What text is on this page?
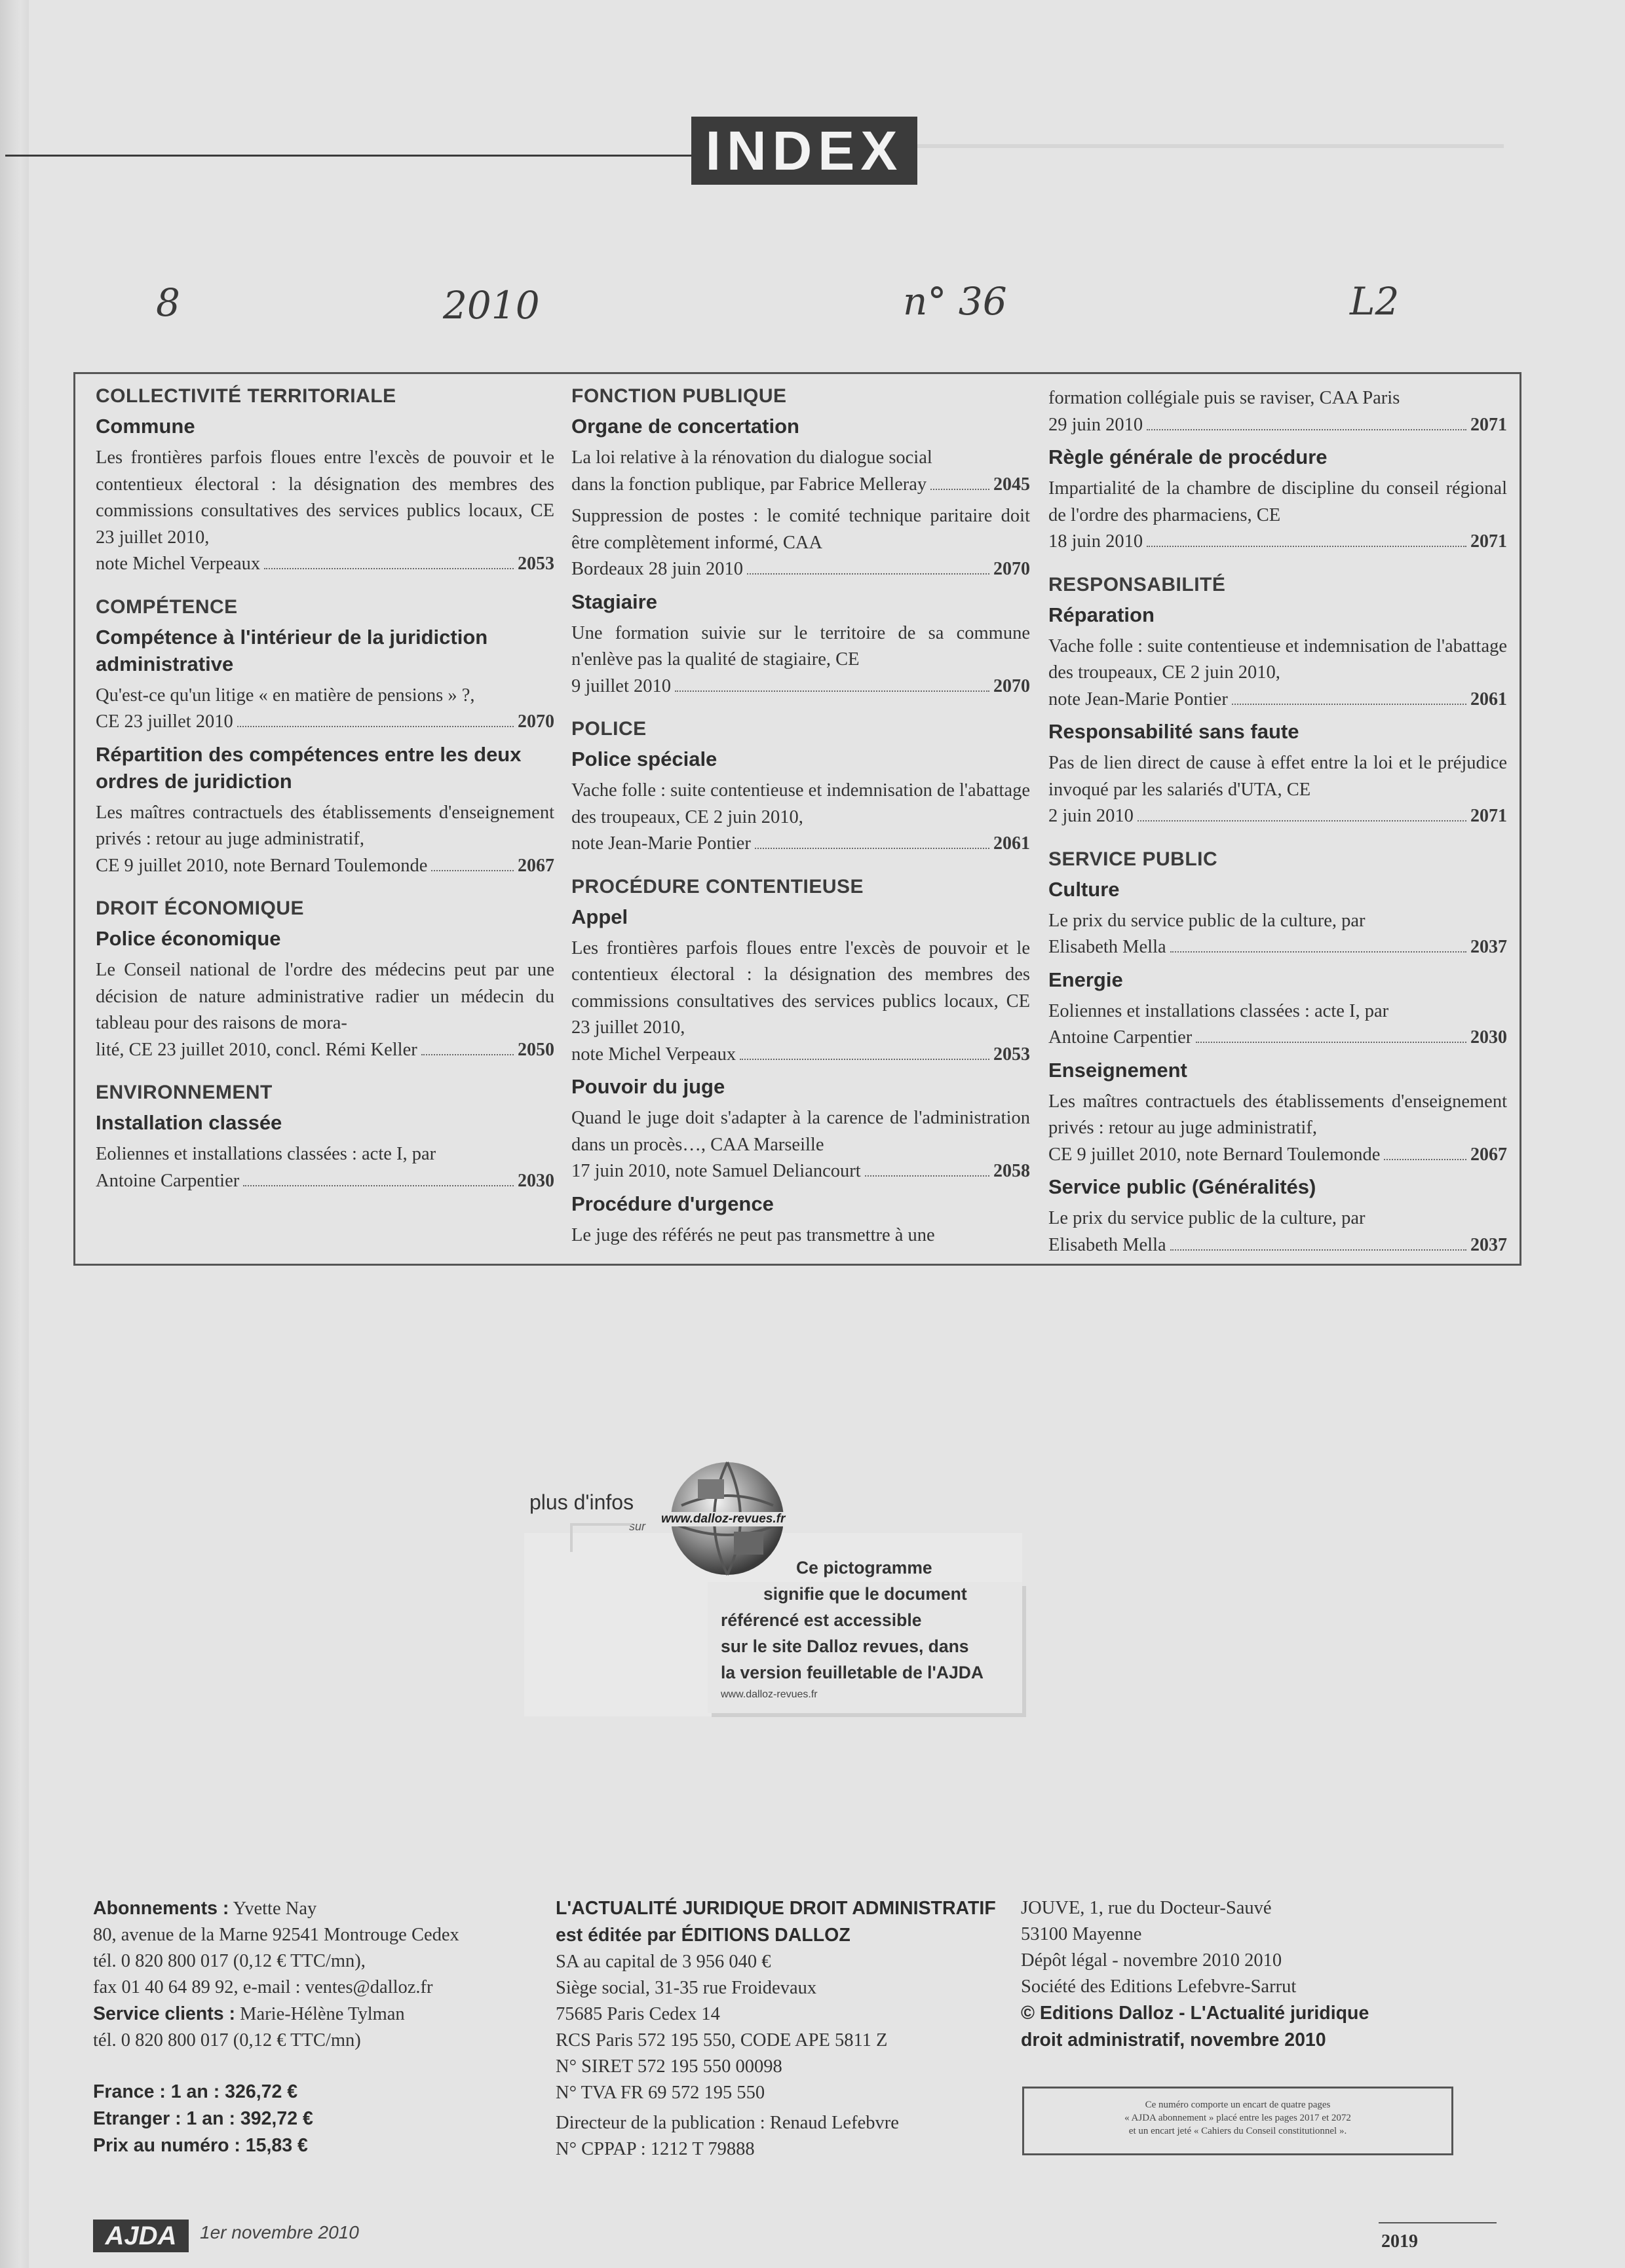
INDEX
8	2010	n° 36	L2
COLLECTIVITÉ TERRITORIALE
Commune
Les frontières parfois floues entre l'excès de pouvoir et le contentieux électoral : la désignation des membres des commissions consultatives des services publics locaux, CE 23 juillet 2010,
note Michel Verpeaux	2053
COMPÉTENCE
Compétence à l'intérieur de la juridiction administrative
Qu'est-ce qu'un litige « en matière de pensions » ?,
CE 23 juillet 2010	2070
Répartition des compétences entre les deux ordres de juridiction
Les maîtres contractuels des établissements d'enseignement privés : retour au juge administratif,
CE 9 juillet 2010, note Bernard Toulemonde	2067
DROIT ÉCONOMIQUE
Police économique
Le Conseil national de l'ordre des médecins peut par une décision de nature administrative radier un médecin du tableau pour des raisons de mora-
lité, CE 23 juillet 2010, concl. Rémi Keller	2050
ENVIRONNEMENT
Installation classée
Eoliennes et installations classées : acte I, par
Antoine Carpentier	2030
FONCTION PUBLIQUE
Organe de concertation
La loi relative à la rénovation du dialogue social
dans la fonction publique, par Fabrice Melleray	2045
Suppression de postes : le comité technique paritaire doit être complètement informé, CAA
Bordeaux 28 juin 2010	2070
Stagiaire
Une formation suivie sur le territoire de sa commune n'enlève pas la qualité de stagiaire, CE
9 juillet 2010	2070
POLICE
Police spéciale
Vache folle : suite contentieuse et indemnisation de l'abattage des troupeaux, CE 2 juin 2010,
note Jean-Marie Pontier	2061
PROCÉDURE CONTENTIEUSE
Appel
Les frontières parfois floues entre l'excès de pouvoir et le contentieux électoral : la désignation des membres des commissions consultatives des services publics locaux, CE 23 juillet 2010,
note Michel Verpeaux	2053
Pouvoir du juge
Quand le juge doit s'adapter à la carence de l'administration dans un procès…, CAA Marseille
17 juin 2010, note Samuel Deliancourt	2058
Procédure d'urgence
Le juge des référés ne peut pas transmettre à une
formation collégiale puis se raviser, CAA Paris
29 juin 2010	2071
Règle générale de procédure
Impartialité de la chambre de discipline du conseil régional de l'ordre des pharmaciens, CE
18 juin 2010	2071
RESPONSABILITÉ
Réparation
Vache folle : suite contentieuse et indemnisation de l'abattage des troupeaux, CE 2 juin 2010,
note Jean-Marie Pontier	2061
Responsabilité sans faute
Pas de lien direct de cause à effet entre la loi et le préjudice invoqué par les salariés d'UTA, CE
2 juin 2010	2071
SERVICE PUBLIC
Culture
Le prix du service public de la culture, par
Elisabeth Mella	2037
Energie
Eoliennes et installations classées : acte I, par
Antoine Carpentier	2030
Enseignement
Les maîtres contractuels des établissements d'enseignement privés : retour au juge administratif,
CE 9 juillet 2010, note Bernard Toulemonde	2067
Service public (Généralités)
Le prix du service public de la culture, par
Elisabeth Mella	2037
plus d'infos
sur
www.dalloz-revues.fr
Ce pictogramme
signifie que le document
référencé est accessible
sur le site Dalloz revues, dans
la version feuilletable de l'AJDA
www.dalloz-revues.fr
Abonnements : Yvette Nay
80, avenue de la Marne 92541 Montrouge Cedex
tél. 0 820 800 017 (0,12 € TTC/mn),
fax 01 40 64 89 92, e-mail : ventes@dalloz.fr
Service clients : Marie-Hélène Tylman
tél. 0 820 800 017 (0,12 € TTC/mn)
France : 1 an : 326,72 €
Etranger : 1 an : 392,72 €
Prix au numéro : 15,83 €
L'ACTUALITÉ JURIDIQUE DROIT ADMINISTRATIF
est éditée par ÉDITIONS DALLOZ
SA au capital de 3 956 040 €
Siège social, 31-35 rue Froidevaux
75685 Paris Cedex 14
RCS Paris 572 195 550, CODE APE 5811 Z
N° SIRET 572 195 550 00098
N° TVA FR 69 572 195 550
Directeur de la publication : Renaud Lefebvre
N° CPPAP : 1212 T 79888
JOUVE, 1, rue du Docteur-Sauvé
53100 Mayenne
Dépôt légal - novembre 2010 2010
Société des Editions Lefebvre-Sarrut
© Editions Dalloz - L'Actualité juridique
droit administratif, novembre 2010
Ce numéro comporte un encart de quatre pages
« AJDA abonnement » placé entre les pages 2017 et 2072
et un encart jeté « Cahiers du Conseil constitutionnel ».
AJDA	1er novembre 2010	2019
